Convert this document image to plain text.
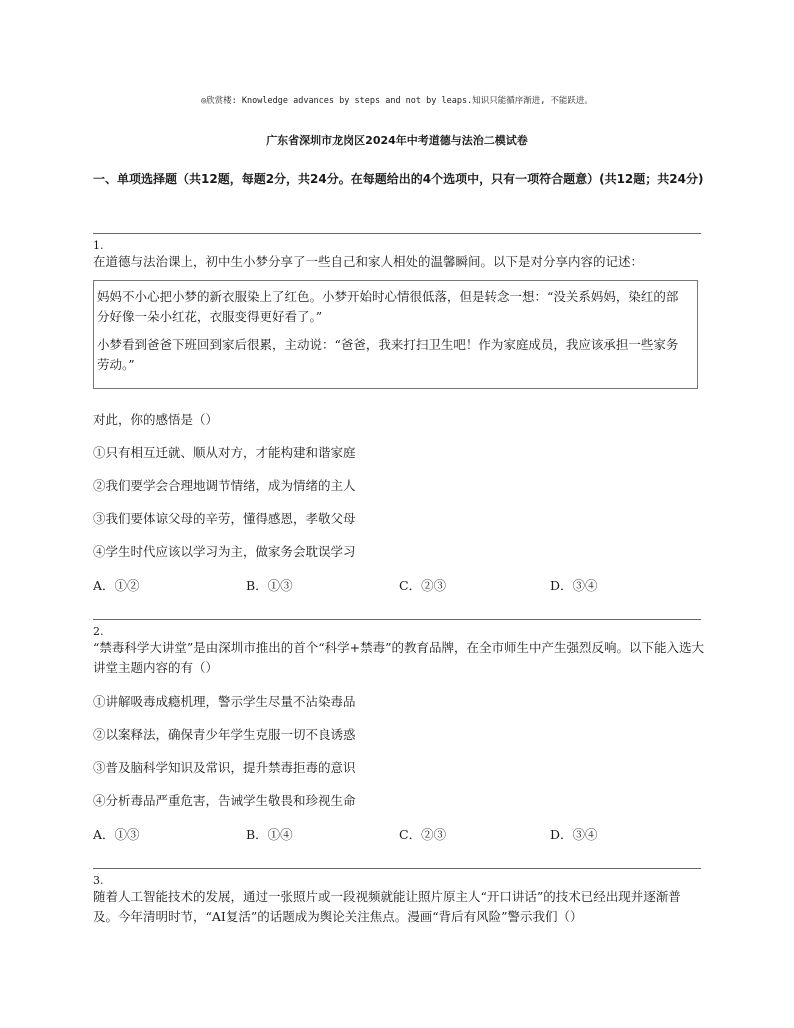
◎欣赏楼: Knowledge advances by steps and not by leaps.知识只能循序渐进, 不能跃进。
广东省深圳市龙岗区2024年中考道德与法治二模试卷
一、单项选择题（共12题，每题2分，共24分。在每题给出的4个选项中，只有一项符合题意）(共12题；共24分)
1.
在道德与法治课上，初中生小梦分享了一些自己和家人相处的温馨瞬间。以下是对分享内容的记述：

妈妈不小心把小梦的新衣服染上了红色。小梦开始时心情很低落，但是转念一想：“没关系妈妈，染红的部分好像一朵小红花，衣服变得更好看了。”

小梦看到爸爸下班回到家后很累，主动说：“爸爸，我来打扫卫生吧！作为家庭成员，我应该承担一些家务劳动。”

对此，你的感悟是（）
①只有相互迁就、顺从对方，才能构建和谐家庭
②我们要学会合理地调节情绪，成为情绪的主人
③我们要体谅父母的辛劳，懂得感恩，孝敬父母
④学生时代应该以学习为主，做家务会耽误学习
A．①②	B．①③	C．②③	D．③④
2.
“禁毒科学大讲堂”是由深圳市推出的首个“科学+禁毒”的教育品牌，在全市师生中产生强烈反响。以下能入选大讲堂主题内容的有（）
①讲解吸毒成瘾机理，警示学生尽量不沾染毒品
②以案释法，确保青少年学生克服一切不良诱惑
③普及脑科学知识及常识，提升禁毒拒毒的意识
④分析毒品严重危害，告诫学生敬畏和珍视生命
A．①③	B．①④	C．②③	D．③④
3.
随着人工智能技术的发展，通过一张照片或一段视频就能让照片原主人“开口讲话”的技术已经出现并逐渐普及。今年清明时节，“AI复活”的话题成为舆论关注焦点。漫画“背后有风险”警示我们（）
